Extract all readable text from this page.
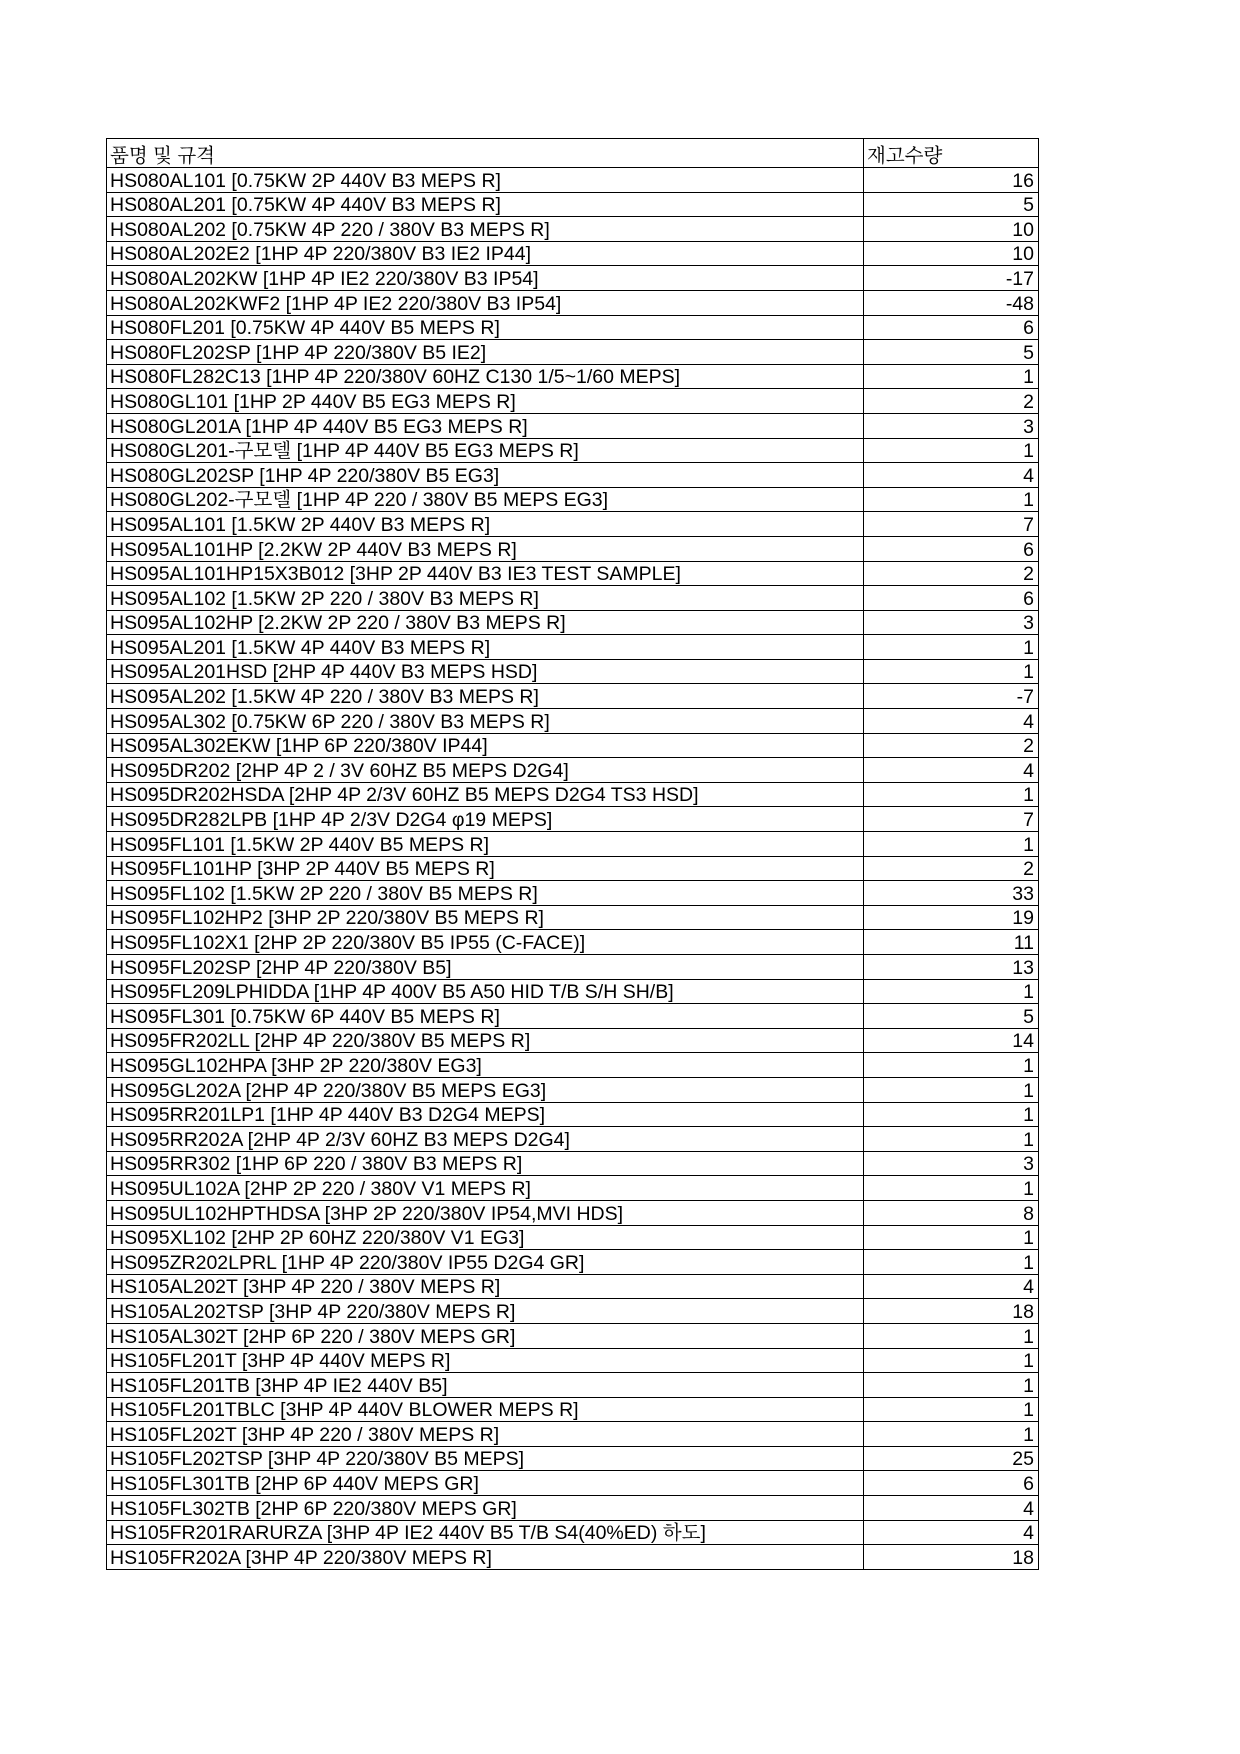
품명 및 규격	재고수량
HS080AL101 [0.75KW 2P 440V B3 MEPS R]	16
HS080AL201 [0.75KW 4P 440V B3 MEPS R]	5
HS080AL202 [0.75KW 4P 220 / 380V B3 MEPS R]	10
HS080AL202E2 [1HP 4P 220/380V B3 IE2 IP44]	10
HS080AL202KW [1HP 4P IE2 220/380V B3 IP54]	-17
HS080AL202KWF2 [1HP 4P IE2 220/380V B3 IP54]	-48
HS080FL201 [0.75KW 4P 440V B5 MEPS R]	6
HS080FL202SP [1HP 4P 220/380V B5 IE2]	5
HS080FL282C13 [1HP 4P 220/380V 60HZ C130 1/5~1/60 MEPS]	1
HS080GL101 [1HP 2P 440V B5 EG3 MEPS R]	2
HS080GL201A [1HP 4P 440V B5 EG3 MEPS R]	3
HS080GL201-구모델 [1HP 4P 440V B5 EG3 MEPS R]	1
HS080GL202SP [1HP 4P 220/380V B5 EG3]	4
HS080GL202-구모델 [1HP 4P 220 / 380V B5 MEPS EG3]	1
HS095AL101 [1.5KW 2P 440V B3 MEPS R]	7
HS095AL101HP [2.2KW 2P 440V B3 MEPS R]	6
HS095AL101HP15X3B012 [3HP 2P 440V B3 IE3 TEST SAMPLE]	2
HS095AL102 [1.5KW 2P 220 / 380V B3 MEPS R]	6
HS095AL102HP [2.2KW 2P 220 / 380V B3 MEPS R]	3
HS095AL201 [1.5KW 4P 440V B3 MEPS R]	1
HS095AL201HSD [2HP 4P 440V B3 MEPS HSD]	1
HS095AL202 [1.5KW 4P 220 / 380V B3 MEPS R]	-7
HS095AL302 [0.75KW 6P 220 / 380V B3 MEPS R]	4
HS095AL302EKW [1HP 6P 220/380V IP44]	2
HS095DR202 [2HP 4P 2 / 3V 60HZ B5 MEPS D2G4]	4
HS095DR202HSDA [2HP 4P 2/3V 60HZ B5 MEPS D2G4 TS3 HSD]	1
HS095DR282LPB [1HP 4P 2/3V D2G4 φ19 MEPS]	7
HS095FL101 [1.5KW 2P 440V B5 MEPS R]	1
HS095FL101HP [3HP 2P 440V B5 MEPS R]	2
HS095FL102 [1.5KW 2P 220 / 380V B5 MEPS R]	33
HS095FL102HP2 [3HP 2P 220/380V B5 MEPS R]	19
HS095FL102X1 [2HP 2P 220/380V B5 IP55 (C-FACE)]	11
HS095FL202SP [2HP 4P 220/380V B5]	13
HS095FL209LPHIDDA [1HP 4P 400V B5 A50 HID T/B S/H SH/B]	1
HS095FL301 [0.75KW 6P 440V B5 MEPS R]	5
HS095FR202LL [2HP 4P 220/380V B5 MEPS R]	14
HS095GL102HPA [3HP 2P 220/380V EG3]	1
HS095GL202A [2HP 4P 220/380V B5 MEPS EG3]	1
HS095RR201LP1 [1HP 4P 440V B3 D2G4 MEPS]	1
HS095RR202A [2HP 4P 2/3V 60HZ B3 MEPS D2G4]	1
HS095RR302 [1HP 6P 220 / 380V B3 MEPS R]	3
HS095UL102A [2HP 2P 220 / 380V V1 MEPS R]	1
HS095UL102HPTHDSA [3HP 2P 220/380V IP54,MVI HDS]	8
HS095XL102 [2HP 2P 60HZ 220/380V V1 EG3]	1
HS095ZR202LPRL [1HP 4P 220/380V IP55 D2G4 GR]	1
HS105AL202T [3HP 4P 220 / 380V MEPS R]	4
HS105AL202TSP [3HP 4P 220/380V MEPS R]	18
HS105AL302T [2HP 6P 220 / 380V MEPS GR]	1
HS105FL201T [3HP 4P 440V MEPS R]	1
HS105FL201TB [3HP 4P IE2 440V B5]	1
HS105FL201TBLC [3HP 4P 440V BLOWER MEPS R]	1
HS105FL202T [3HP 4P 220 / 380V MEPS R]	1
HS105FL202TSP [3HP 4P 220/380V B5 MEPS]	25
HS105FL301TB [2HP 6P 440V MEPS GR]	6
HS105FL302TB [2HP 6P 220/380V MEPS GR]	4
HS105FR201RARURZA [3HP 4P IE2 440V B5 T/B S4(40%ED) 하도]	4
HS105FR202A [3HP 4P 220/380V MEPS R]	18
